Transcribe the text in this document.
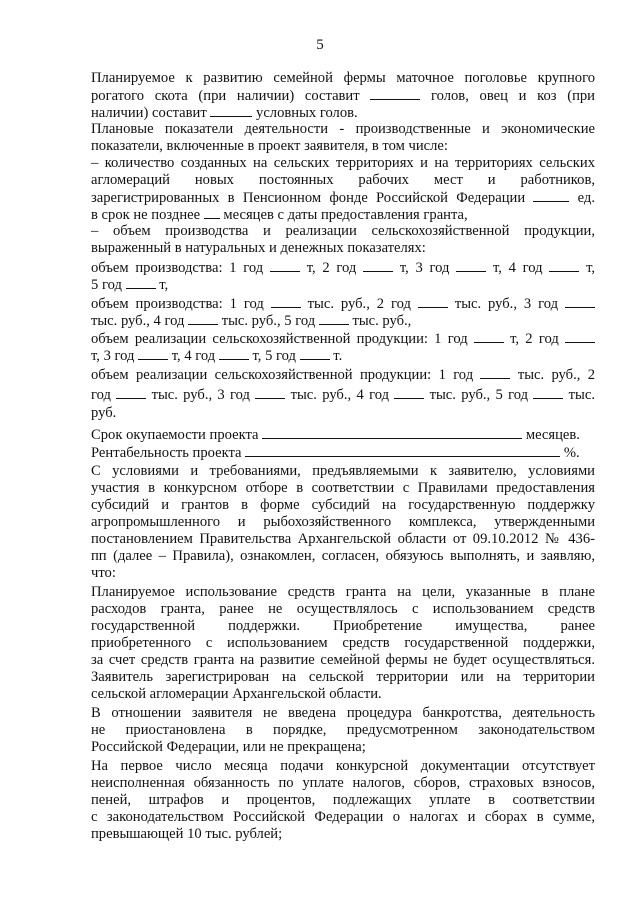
5
Планируемое к развитию семейной фермы маточное поголовье крупного
рогатого скота (при наличии) составит	голов, овец и коз (при
наличии) составит	условных голов.
Плановые показатели деятельности - производственные и экономические
показатели, включенные в проект заявителя, в том числе:
– количество созданных на сельских территориях и на территориях сельских
агломераций новых постоянных рабочих мест и работников,
зарегистрированных в Пенсионном фонде Российской Федерации	ед.
в срок не позднее месяцев с даты предоставления гранта,
– объем производства и реализации сельскохозяйственной продукции,
выраженный в натуральных и денежных показателях:
объем производства: 1 год	т, 2 год	т, 3 год	т, 4 год	т,
5 год	т,
объем производства: 1 год	тыс. руб., 2 год	тыс. руб., 3 год
тыс. руб., 4 год	тыс. руб., 5 год	тыс. руб.,
объем реализации сельскохозяйственной продукции: 1 год	т, 2 год
т, 3 год	т, 4 год	т, 5 год	т.
объем реализации сельскохозяйственной продукции: 1 год	тыс. руб., 2
год	тыс. руб., 3 год	тыс. руб., 4 год	тыс. руб., 5 год	тыс.
руб.
Срок окупаемости проекта	месяцев.
Рентабельность проекта	%.
С условиями и требованиями, предъявляемыми к заявителю, условиями
участия в конкурсном отборе в соответствии с Правилами предоставления
субсидий и грантов в форме субсидий на государственную поддержку
агропромышленного и рыбохозяйственного комплекса, утвержденными
постановлением Правительства Архангельской области от 09.10.2012 № 436-
пп (далее – Правила), ознакомлен, согласен, обязуюсь выполнять, и заявляю,
что:
Планируемое использование средств гранта на цели, указанные в плане
расходов гранта, ранее не осуществлялось с использованием средств
государственной поддержки. Приобретение имущества, ранее
приобретенного с использованием средств государственной поддержки,
за счет средств гранта на развитие семейной фермы не будет осуществляться.
Заявитель зарегистрирован на сельской территории или на территории
сельской агломерации Архангельской области.
В отношении заявителя не введена процедура банкротства, деятельность
не приостановлена в порядке, предусмотренном законодательством
Российской Федерации, или не прекращена;
На первое число месяца подачи конкурсной документации отсутствует
неисполненная обязанность по уплате налогов, сборов, страховых взносов,
пеней, штрафов и процентов, подлежащих уплате в соответствии
с законодательством Российской Федерации о налогах и сборах в сумме,
превышающей 10 тыс. рублей;
